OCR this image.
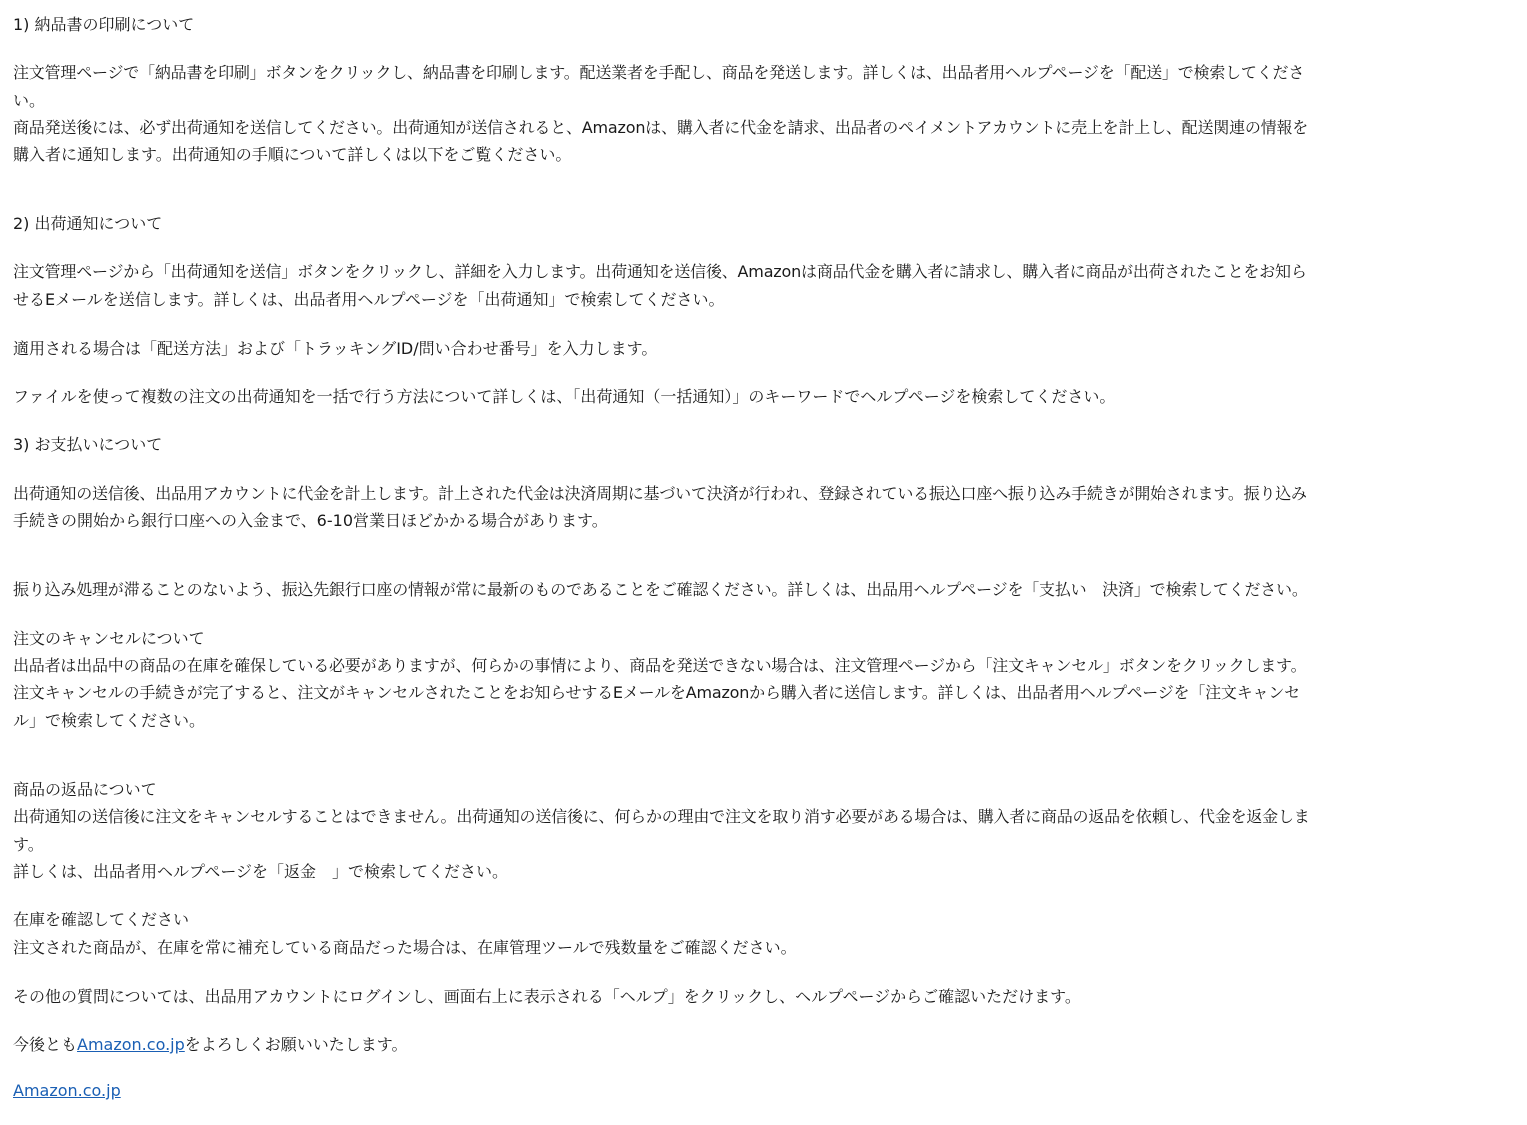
1) 納品書の印刷について
注文管理ページで「納品書を印刷」ボタンをクリックし、納品書を印刷します。配送業者を手配し、商品を発送します。詳しくは、出品者用ヘルプページを「配送」で検索してくださ
い。
商品発送後には、必ず出荷通知を送信してください。出荷通知が送信されると、Amazonは、購入者に代金を請求、出品者のペイメントアカウントに売上を計上し、配送関連の情報を
購入者に通知します。出荷通知の手順について詳しくは以下をご覧ください。
2) 出荷通知について
注文管理ページから「出荷通知を送信」ボタンをクリックし、詳細を入力します。出荷通知を送信後、Amazonは商品代金を購入者に請求し、購入者に商品が出荷されたことをお知ら
せるEメールを送信します。詳しくは、出品者用ヘルプページを「出荷通知」で検索してください。
適用される場合は「配送方法」および「トラッキングID/問い合わせ番号」を入力します。
ファイルを使って複数の注文の出荷通知を一括で行う方法について詳しくは、「出荷通知（一括通知）」のキーワードでヘルプページを検索してください。
3) お支払いについて
出荷通知の送信後、出品用アカウントに代金を計上します。計上された代金は決済周期に基づいて決済が行われ、登録されている振込口座へ振り込み手続きが開始されます。振り込み
手続きの開始から銀行口座への入金まで、6-10営業日ほどかかる場合があります。
振り込み処理が滞ることのないよう、振込先銀行口座の情報が常に最新のものであることをご確認ください。詳しくは、出品用ヘルプページを「支払い　決済」で検索してください。
注文のキャンセルについて
出品者は出品中の商品の在庫を確保している必要がありますが、何らかの事情により、商品を発送できない場合は、注文管理ページから「注文キャンセル」ボタンをクリックします。
注文キャンセルの手続きが完了すると、注文がキャンセルされたことをお知らせするEメールをAmazonから購入者に送信します。詳しくは、出品者用ヘルプページを「注文キャンセ
ル」で検索してください。
商品の返品について
出荷通知の送信後に注文をキャンセルすることはできません。出荷通知の送信後に、何らかの理由で注文を取り消す必要がある場合は、購入者に商品の返品を依頼し、代金を返金しま
す。
詳しくは、出品者用ヘルプページを「返金　」で検索してください。
在庫を確認してください
注文された商品が、在庫を常に補充している商品だった場合は、在庫管理ツールで残数量をご確認ください。
その他の質問については、出品用アカウントにログインし、画面右上に表示される「ヘルプ」をクリックし、ヘルプページからご確認いただけます。
今後ともAmazon.co.jpをよろしくお願いいたします。
Amazon.co.jp
